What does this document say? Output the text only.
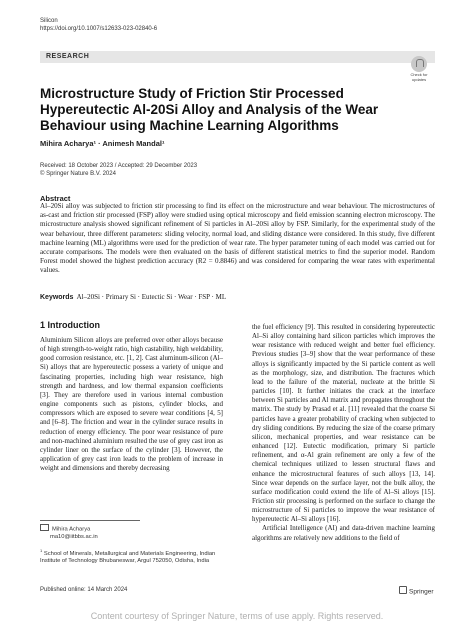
Silicon
https://doi.org/10.1007/s12633-023-02840-6
RESEARCH
Check for
updates
Microstructure Study of Friction Stir Processed Hypereutectic Al-20Si Alloy and Analysis of the Wear Behaviour using Machine Learning Algorithms
Mihira Acharya¹ · Animesh Mandal¹
Received: 18 October 2023 / Accepted: 29 December 2023
© Springer Nature B.V. 2024
Abstract
Al–20Si alloy was subjected to friction stir processing to find its effect on the microstructure and wear behaviour. The microstructures of as-cast and friction stir processed (FSP) alloy were studied using optical microscopy and field emission scanning electron microscopy. The microstructure analysis showed significant refinement of Si particles in Al–20Si alloy by FSP. Similarly, for the experimental study of the wear behaviour, three different parameters: sliding velocity, normal load, and sliding distance were considered. In this study, five different machine learning (ML) algorithms were used for the prediction of wear rate. The hyper parameter tuning of each model was carried out for accurate comparisons. The models were then evaluated on the basis of different statistical metrics to find the superior model. Random Forest model showed the highest prediction accuracy (R2 = 0.8846) and was considered for comparing the wear rates with experimental values.
Keywords Al–20Si · Primary Si · Eutectic Si · Wear · FSP · ML
1 Introduction

Aluminium Silicon alloys are preferred over other alloys because of high strength-to-weight ratio, high castability, high weldability, good corrosion resistance, etc. [1, 2]. Cast aluminum-silicon (Al–Si) alloys that are hypereutectic possess a variety of unique and fascinating properties, including high wear resistance, high strength and hardness, and low thermal expansion coefficients [3]. They are therefore used in various internal combustion engine components such as pistons, cylinder blocks, and compressors which are exposed to severe wear conditions [4, 5] and [6–8]. The friction and wear in the cylinder surace results in reduction of energy efficiency. The poor wear resistance of pure and non-machined aluminium resulted the use of grey cast iron as cylinder liner on the surface of the cylinder [3]. However, the application of grey cast iron leads to the problem of increase in weight and dimensions and thereby decreasing

the fuel efficiency [9]. This resulted in considering hypereutectic Al–Si alloy containing hard silicon particles which improves the wear resistance with reduced weight and better fuel efficiency. Previous studies [3–9] show that the wear performance of these alloys is significantly impacted by the Si particle content as well as the morphology, size, and distribution. The fractures which lead to the failure of the material, nucleate at the brittle Si particles [10]. It further initiates the crack at the interface between Si particles and Al matrix and propagates throughout the matrix. The study by Prasad et al. [11] revealed that the coarse Si particles have a greater probability of cracking when subjected to dry sliding conditions. By reducing the size of the coarse primary silicon, mechanical properties, and wear resistance can be enhanced [12]. Eutectic modification, primary Si particle refinement, and α-Al grain refinement are only a few of the chemical techniques utilized to lessen structural flaws and enhance the microstructural features of such alloys [13, 14]. Since wear depends on the surface layer, not the bulk alloy, the surface modification could extend the life of Al–Si alloys [15]. Friction stir processing is performed on the surface to change the microstructure of Si particles to improve the wear resistance of hypereutectic Al–Si alloys [16].

Artificial Intelligence (AI) and data-driven machine learning algorithms are relatively new additions to the field of

Mihira Acharya
ma10@iitbbs.ac.in
$^1$ School of Minerals, Metallurgical and Materials Engineering, Indian Institute of Technology Bhubaneswar, Argul 752050, Odisha, India
Published online: 14 March 2024	Springer
Content courtesy of Springer Nature, terms of use apply. Rights reserved.
